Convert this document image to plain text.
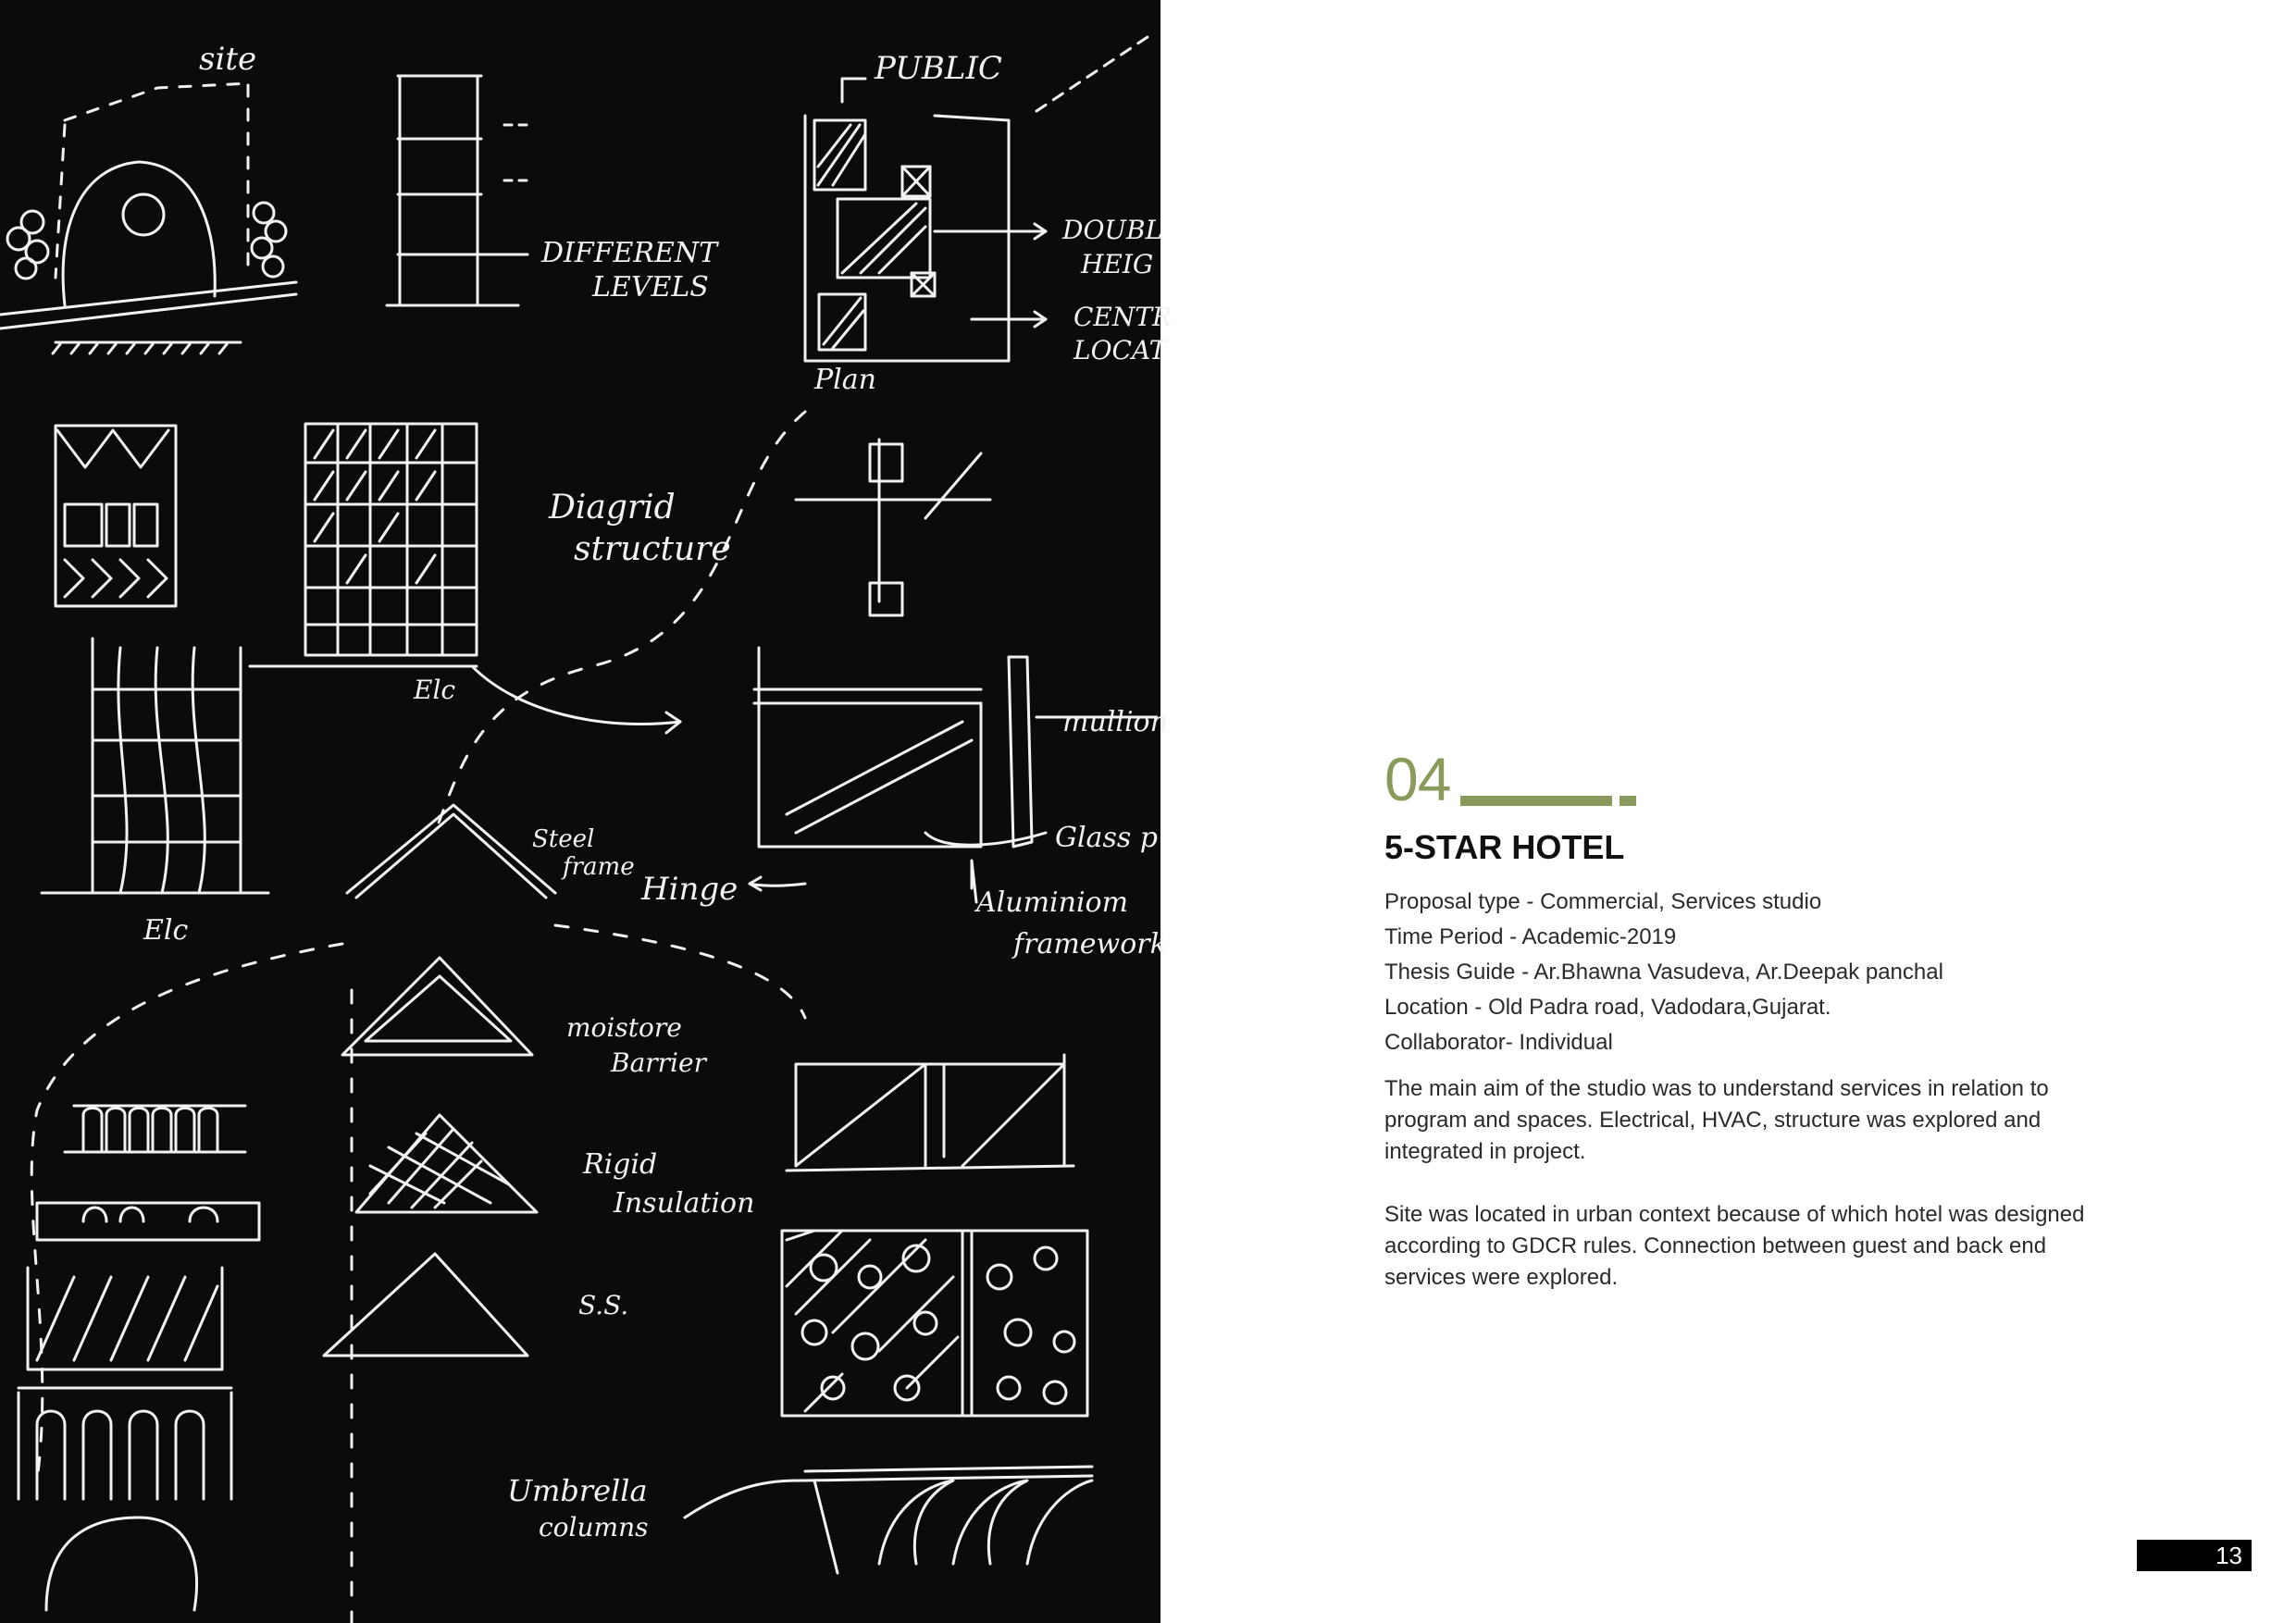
site	PUBLIC
DIFFERENT
LEVELS
DOUBL
HEIG
CENTR
LOCAT
Plan
Diagrid
structure
Elc
Elc
mullion
Steel
frame
Hinge
Glass p
Aluminiom
framework
moistore
Barrier
Rigid
Insulation
S.S.
Umbrella
columns
04
5-STAR HOTEL
Proposal type - Commercial, Services studio
Time Period - Academic-2019
Thesis Guide - Ar.Bhawna Vasudeva, Ar.Deepak panchal
Location - Old Padra road, Vadodara,Gujarat.
Collaborator- Individual

The main aim of the studio was to understand services in relation to program and spaces. Electrical, HVAC, structure was explored and integrated in project.

Site was located in urban context because of which hotel was designed according to GDCR rules. Connection between guest and back end services were explored.

13
